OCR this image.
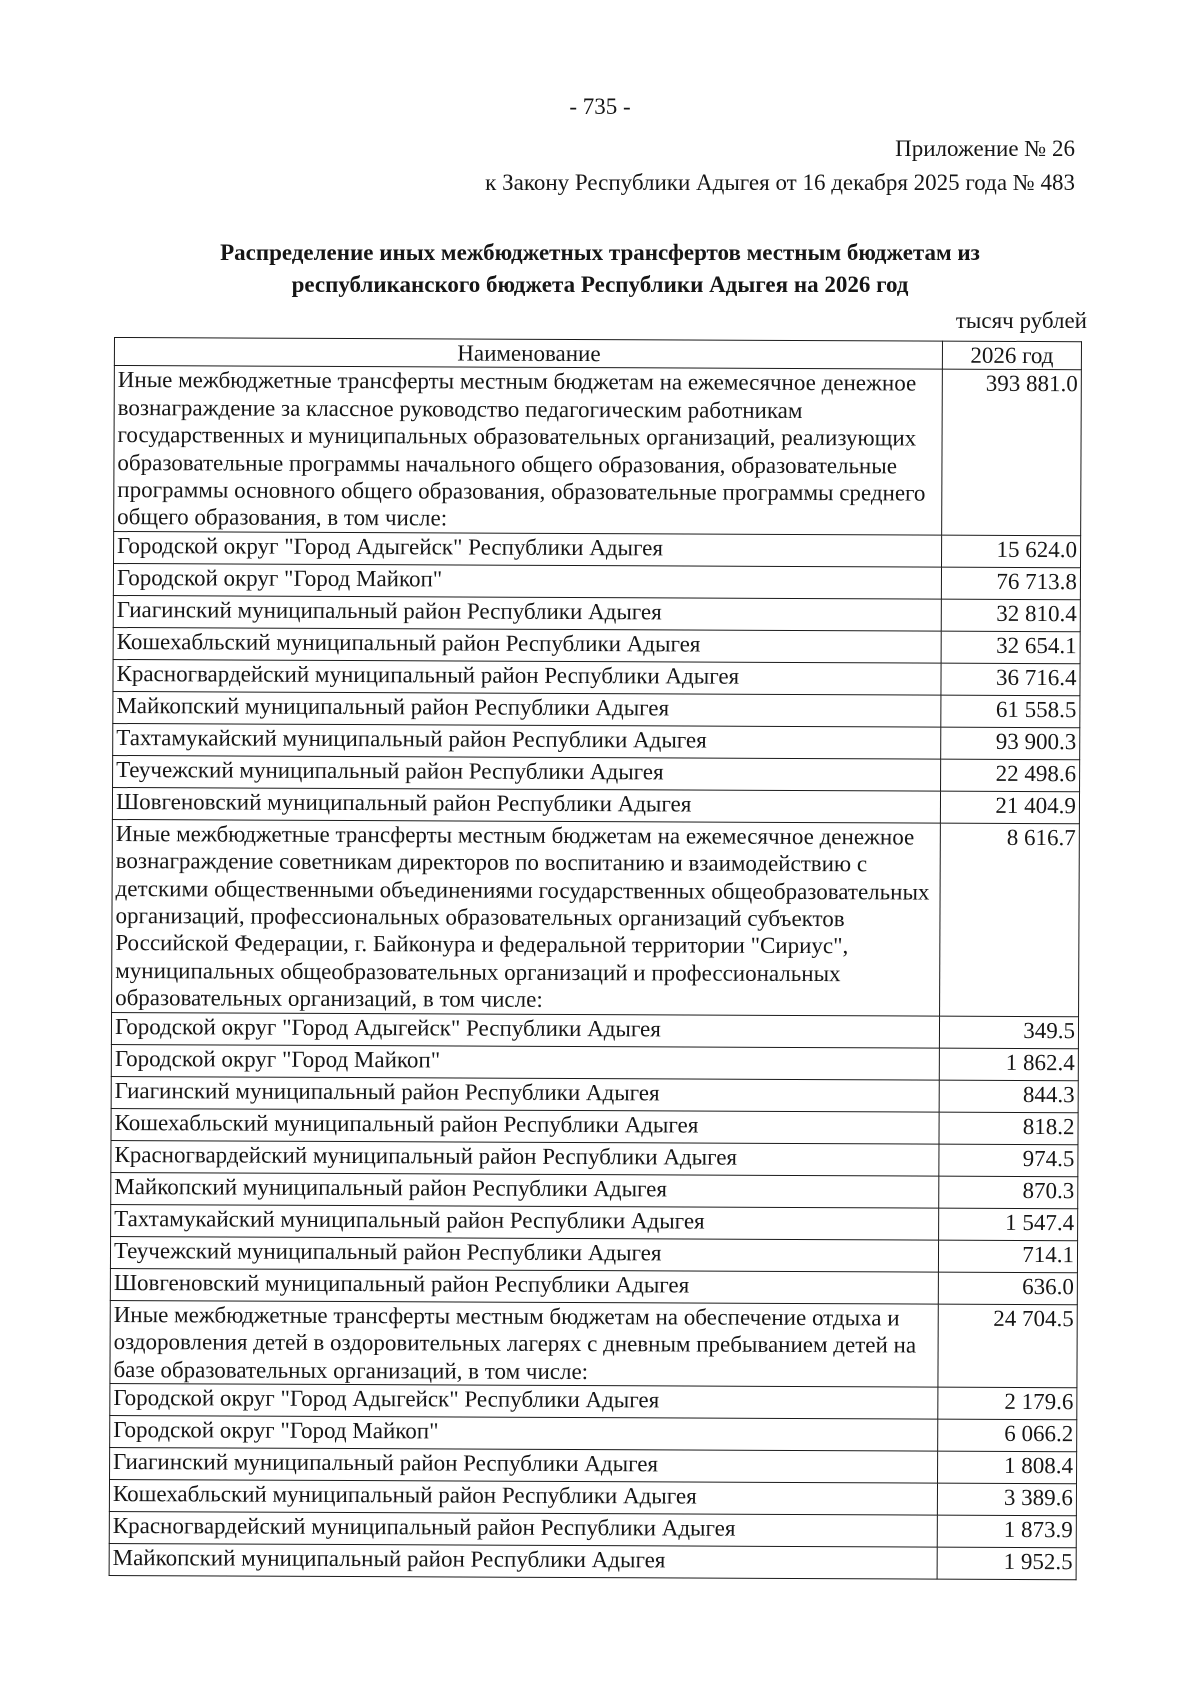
- 735 -
Приложение № 26
к Закону Республики Адыгея от 16 декабря 2025 года № 483
Распределение иных межбюджетных трансфертов местным бюджетам из
республиканского бюджета Республики Адыгея на 2026 год
тысяч рублей
Наименование	2026 год
Иные межбюджетные трансферты местным бюджетам на ежемесячное денежное вознаграждение за классное руководство педагогическим работникам государственных и муниципальных образовательных организаций, реализующих образовательные программы начального общего образования, образовательные программы основного общего образования, образовательные программы среднего общего образования, в том числе:	393 881.0
Городской округ "Город Адыгейск" Республики Адыгея	15 624.0
Городской округ "Город Майкоп"	76 713.8
Гиагинский муниципальный район Республики Адыгея	32 810.4
Кошехабльский муниципальный район Республики Адыгея	32 654.1
Красногвардейский муниципальный район Республики Адыгея	36 716.4
Майкопский муниципальный район Республики Адыгея	61 558.5
Тахтамукайский муниципальный район Республики Адыгея	93 900.3
Теучежский муниципальный район Республики Адыгея	22 498.6
Шовгеновский муниципальный район Республики Адыгея	21 404.9
Иные межбюджетные трансферты местным бюджетам на ежемесячное денежное вознаграждение советникам директоров по воспитанию и взаимодействию с детскими общественными объединениями государственных общеобразовательных организаций, профессиональных образовательных организаций субъектов Российской Федерации, г. Байконура и федеральной территории "Сириус", муниципальных общеобразовательных организаций и профессиональных образовательных организаций, в том числе:	8 616.7
Городской округ "Город Адыгейск" Республики Адыгея	349.5
Городской округ "Город Майкоп"	1 862.4
Гиагинский муниципальный район Республики Адыгея	844.3
Кошехабльский муниципальный район Республики Адыгея	818.2
Красногвардейский муниципальный район Республики Адыгея	974.5
Майкопский муниципальный район Республики Адыгея	870.3
Тахтамукайский муниципальный район Республики Адыгея	1 547.4
Теучежский муниципальный район Республики Адыгея	714.1
Шовгеновский муниципальный район Республики Адыгея	636.0
Иные межбюджетные трансферты местным бюджетам на обеспечение отдыха и оздоровления детей в оздоровительных лагерях с дневным пребыванием детей на базе образовательных организаций, в том числе:	24 704.5
Городской округ "Город Адыгейск" Республики Адыгея	2 179.6
Городской округ "Город Майкоп"	6 066.2
Гиагинский муниципальный район Республики Адыгея	1 808.4
Кошехабльский муниципальный район Республики Адыгея	3 389.6
Красногвардейский муниципальный район Республики Адыгея	1 873.9
Майкопский муниципальный район Республики Адыгея	1 952.5
